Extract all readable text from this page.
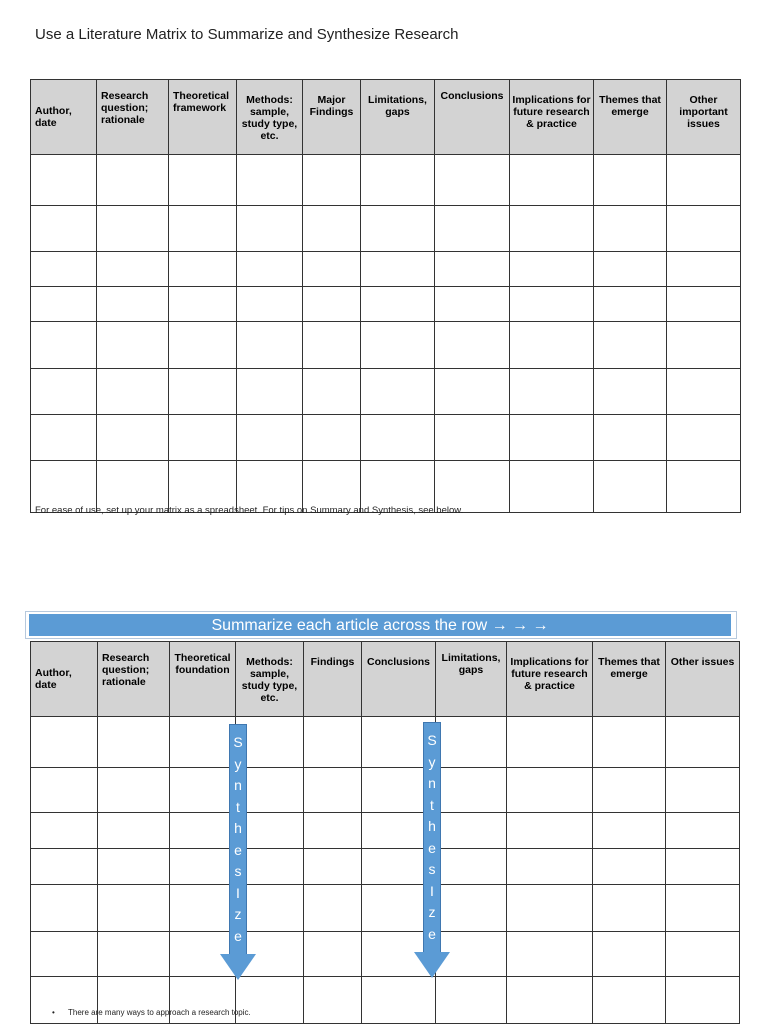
Use a Literature Matrix to Summarize and Synthesize Research
Author, date	Research question; rationale	Theoretical framework	Methods: sample, study type, etc.	Major Findings	Limitations, gaps	Conclusions	Implications for future research & practice	Themes that emerge	Other important issues

For ease of use, set up your matrix as a spreadsheet. For tips on Summary and Synthesis, see below.
Summarize each article across the row → → →
Author, date	Research question; rationale	Theoretical foundation	Methods: sample, study type, etc.	Findings	Conclusions	Limitations, gaps	Implications for future research & practice	Themes that emerge	Other issues

S
y
n
t
h
e
s
I
z
e
S
y
n
t
h
e
s
I
z
e
• There are many ways to approach a research topic.
